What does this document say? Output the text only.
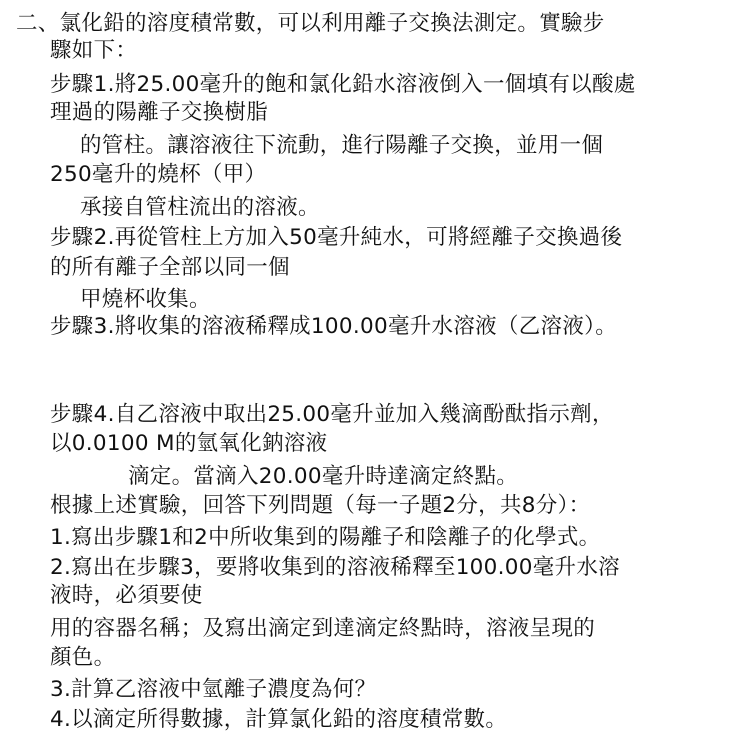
二、氯化鉛的溶度積常數，可以利用離子交換法測定。實驗步
驟如下：
步驟1.將25.00毫升的飽和氯化鉛水溶液倒入一個填有以酸處
理過的陽離子交換樹脂
的管柱。讓溶液往下流動，進行陽離子交換，並用一個
250毫升的燒杯（甲）
承接自管柱流出的溶液。
步驟2.再從管柱上方加入50毫升純水，可將經離子交換過後
的所有離子全部以同一個
甲燒杯收集。
步驟3.將收集的溶液稀釋成100.00毫升水溶液（乙溶液）。
步驟4.自乙溶液中取出25.00毫升並加入幾滴酚酞指示劑，
以0.0100 M的氫氧化鈉溶液
滴定。當滴入20.00毫升時達滴定終點。
根據上述實驗，回答下列問題（每一子題2分，共8分）：
1.寫出步驟1和2中所收集到的陽離子和陰離子的化學式。
2.寫出在步驟3，要將收集到的溶液稀釋至100.00毫升水溶
液時，必須要使
用的容器名稱；及寫出滴定到達滴定終點時，溶液呈現的
顏色。
3.計算乙溶液中氫離子濃度為何？
4.以滴定所得數據，計算氯化鉛的溶度積常數。
